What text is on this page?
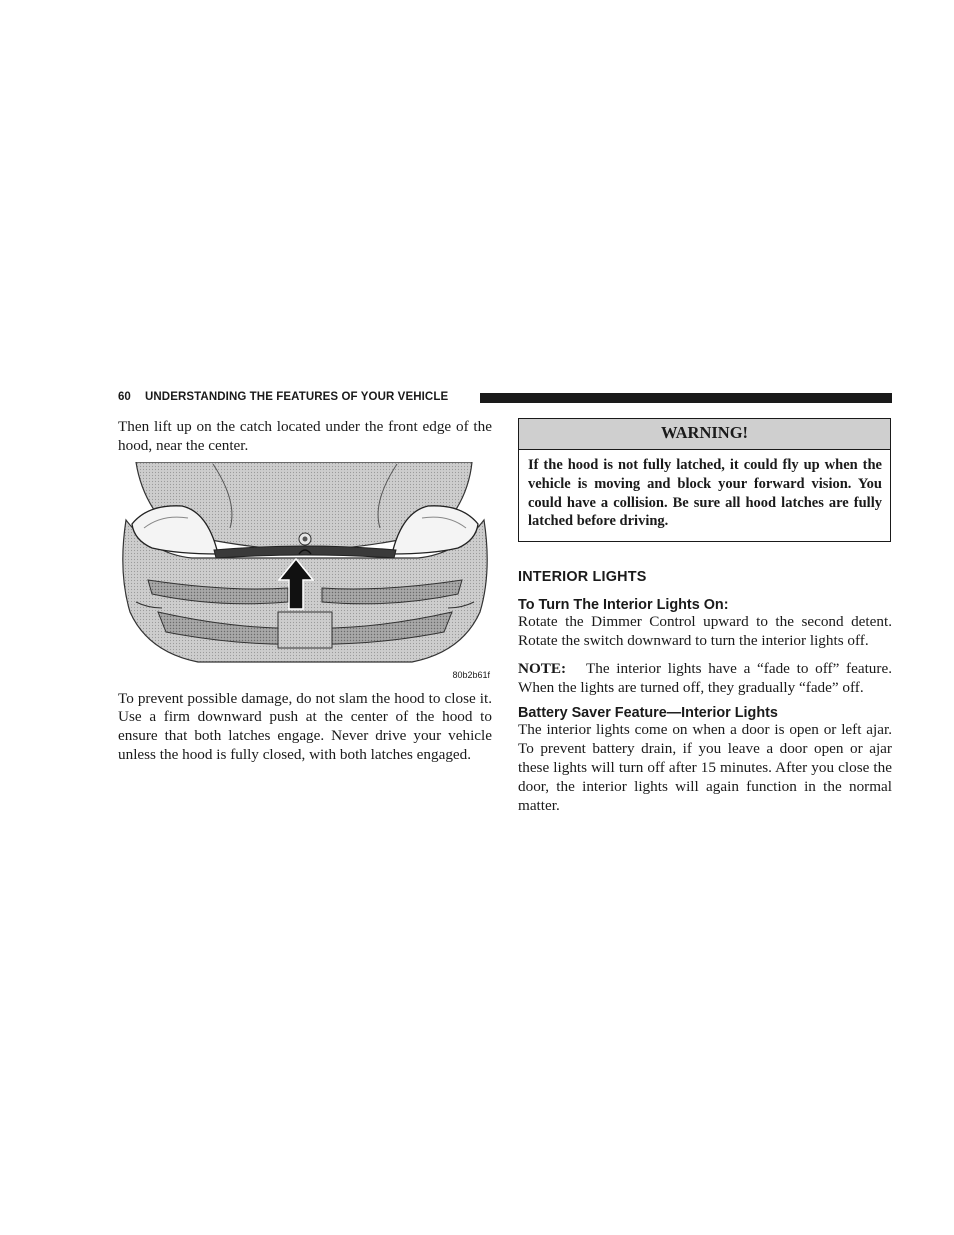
60 UNDERSTANDING THE FEATURES OF YOUR VEHICLE

Then lift up on the catch located under the front edge of the hood, near the center.

80b2b61f

To prevent possible damage, do not slam the hood to close it. Use a firm downward push at the center of the hood to ensure that both latches engage. Never drive your vehicle unless the hood is fully closed, with both latches engaged.

WARNING!
If the hood is not fully latched, it could fly up when the vehicle is moving and block your forward vision. You could have a collision. Be sure all hood latches are fully latched before driving.
INTERIOR LIGHTS
To Turn The Interior Lights On:

Rotate the Dimmer Control upward to the second detent. Rotate the switch downward to turn the interior lights off.

NOTE: The interior lights have a “fade to off” feature. When the lights are turned off, they gradually “fade” off.

Battery Saver Feature—Interior Lights

The interior lights come on when a door is open or left ajar. To prevent battery drain, if you leave a door open or ajar these lights will turn off after 15 minutes. After you close the door, the interior lights will again function in the normal matter.
